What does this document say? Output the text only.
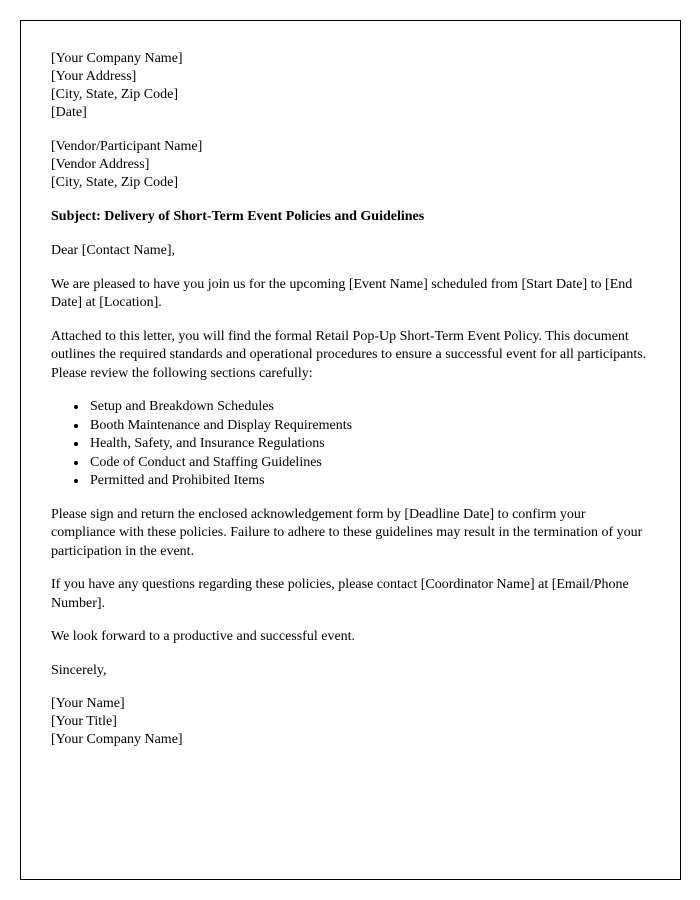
[Your Company Name]
[Your Address]
[City, State, Zip Code]
[Date]
[Vendor/Participant Name]
[Vendor Address]
[City, State, Zip Code]
Subject: Delivery of Short-Term Event Policies and Guidelines

Dear [Contact Name],

We are pleased to have you join us for the upcoming [Event Name] scheduled from [Start Date] to [End Date] at [Location].

Attached to this letter, you will find the formal Retail Pop-Up Short-Term Event Policy. This document outlines the required standards and operational procedures to ensure a successful event for all participants. Please review the following sections carefully:

• Setup and Breakdown Schedules
• Booth Maintenance and Display Requirements
• Health, Safety, and Insurance Regulations
• Code of Conduct and Staffing Guidelines
• Permitted and Prohibited Items

Please sign and return the enclosed acknowledgement form by [Deadline Date] to confirm your compliance with these policies. Failure to adhere to these guidelines may result in the termination of your participation in the event.

If you have any questions regarding these policies, please contact [Coordinator Name] at [Email/Phone Number].

We look forward to a productive and successful event.

Sincerely,

[Your Name]
[Your Title]
[Your Company Name]
